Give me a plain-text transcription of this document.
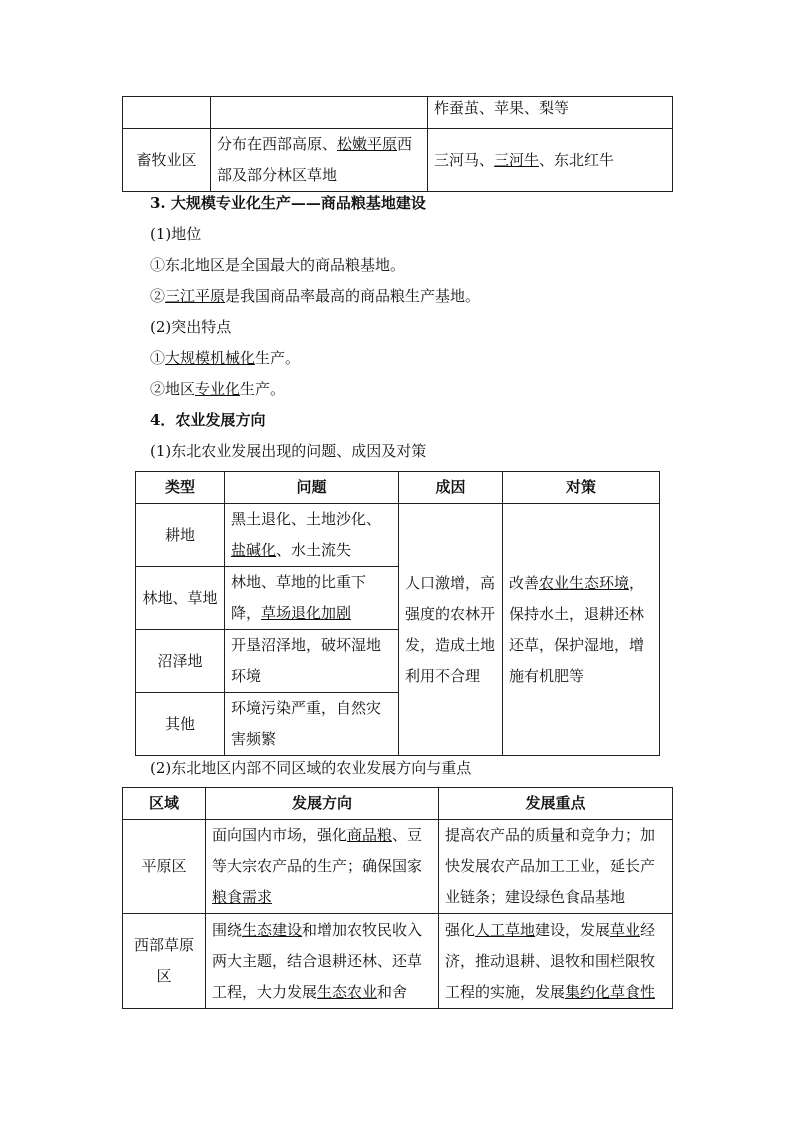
		柞蚕茧、苹果、梨等
畜牧业区	分布在西部高原、松嫩平原西部及部分林区草地	三河马、三河牛、东北红牛
3. 大规模专业化生产——商品粮基地建设
(1)地位
①东北地区是全国最大的商品粮基地。
②三江平原是我国商品率最高的商品粮生产基地。
(2)突出特点
①大规模机械化生产。
②地区专业化生产。
4．农业发展方向
(1)东北农业发展出现的问题、成因及对策
类型	问题	成因	对策
耕地	黑土退化、土地沙化、盐碱化、水土流失	人口激增，高强度的农林开发，造成土地利用不合理	改善农业生态环境，保持水土，退耕还林还草，保护湿地，增施有机肥等
林地、草地	林地、草地的比重下降，草场退化加剧		
沼泽地	开垦沼泽地，破坏湿地环境		
其他	环境污染严重，自然灾害频繁		
(2)东北地区内部不同区域的农业发展方向与重点
区域	发展方向	发展重点
平原区	面向国内市场，强化商品粮、豆等大宗农产品的生产；确保国家粮食需求	提高农产品的质量和竞争力；加快发展农产品加工工业，延长产业链条；建设绿色食品基地
西部草原区	围绕生态建设和增加农牧民收入两大主题，结合退耕还林、还草工程，大力发展生态农业和舍	强化人工草地建设，发展草业经济，推动退耕、退牧和围栏限牧工程的实施，发展集约化草食性
